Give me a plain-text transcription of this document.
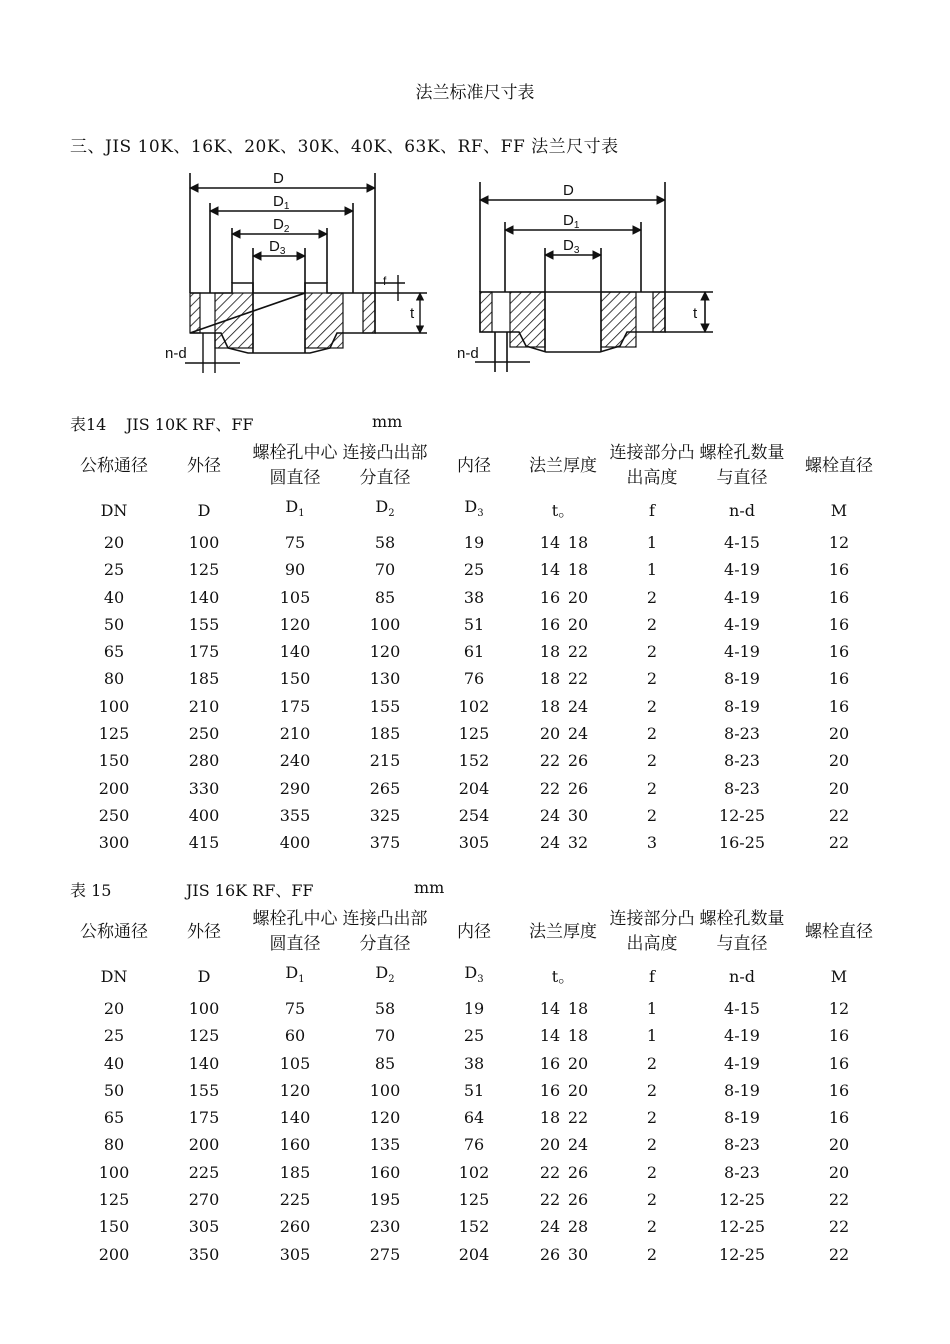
法兰标准尺寸表
三、JIS 10K、16K、20K、30K、40K、63K、RF、FF 法兰尺寸表
D
$D_1$
$D_2$
$D_3$
f
t
n-d
D
$D_1$
$D_3$
t
n-d
表14 JIS 10K RF、FF	mm
公称通径	外径	螺栓孔中心圆直径	连接凸出部分直径	内径	法兰厚度	连接部分凸出高度	螺栓孔数量与直径	螺栓直径
DN	D	$D_1$	$D_2$	$D_3$	t。	f	n-d	M
20	100	75	58	19	14 18	1	4-15	12
25	125	90	70	25	14 18	1	4-19	16
40	140	105	85	38	16 20	2	4-19	16
50	155	120	100	51	16 20	2	4-19	16
65	175	140	120	61	18 22	2	4-19	16
80	185	150	130	76	18 22	2	8-19	16
100	210	175	155	102	18 24	2	8-19	16
125	250	210	185	125	20 24	2	8-23	20
150	280	240	215	152	22 26	2	8-23	20
200	330	290	265	204	22 26	2	8-23	20
250	400	355	325	254	24 30	2	12-25	22
300	415	400	375	305	24 32	3	16-25	22
表 15	JIS 16K RF、FF	mm
公称通径	外径	螺栓孔中心圆直径	连接凸出部分直径	内径	法兰厚度	连接部分凸出高度	螺栓孔数量与直径	螺栓直径
DN	D	$D_1$	$D_2$	$D_3$	t。	f	n-d	M
20	100	75	58	19	14 18	1	4-15	12
25	125	60	70	25	14 18	1	4-19	16
40	140	105	85	38	16 20	2	4-19	16
50	155	120	100	51	16 20	2	8-19	16
65	175	140	120	64	18 22	2	8-19	16
80	200	160	135	76	20 24	2	8-23	20
100	225	185	160	102	22 26	2	8-23	20
125	270	225	195	125	22 26	2	12-25	22
150	305	260	230	152	24 28	2	12-25	22
200	350	305	275	204	26 30	2	12-25	22
